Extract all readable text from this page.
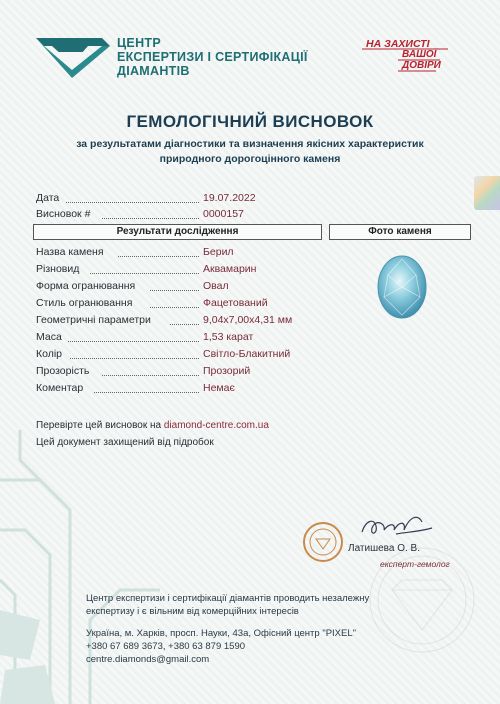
ЦЕНТР
ЕКСПЕРТИЗИ І СЕРТИФІКАЦІЇ
ДІАМАНТІВ
НА ЗАХИСТІ
ВАШОЇ
ДОВІРИ
ГЕМОЛОГІЧНИЙ ВИСНОВОК
за результатами діагностики та визначення якісних характеристик
природного дорогоцінного каменя
Дата	19.07.2022
Висновок #	0000157
Результати дослідження	Фото каменя
Назва каменя	Берил
Різновид	Аквамарин
Форма огранювання	Овал
Стиль огранювання	Фацетований
Геометричні параметри	9,04x7,00x4,31 мм
Маса	1,53 карат
Колір	Світло-Блакитний
Прозорість	Прозорий
Коментар	Немає
Перевірте цей висновок на diamond-centre.com.ua
Цей документ захищений від підробок
Латишева О. В.
експерт-гемолог
Центр експертизи і сертифікації діамантів проводить незалежну
експертизу і є вільним від комерційних інтересів
Україна, м. Харків, просп. Науки, 43а, Офісний центр "PIXEL"
+380 67 689 3673, +380 63 879 1590
centre.diamonds@gmail.com
